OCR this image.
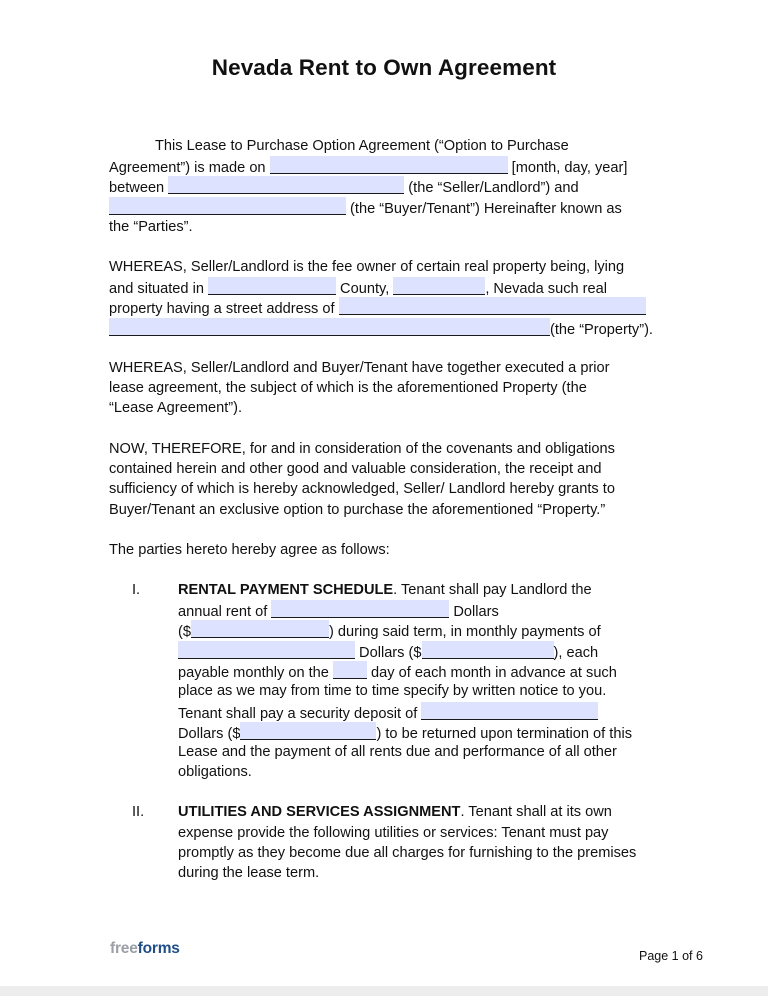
Nevada Rent to Own Agreement
This Lease to Purchase Option Agreement (“Option to Purchase
Agreement”) is made on	[month, day, year]
between	(the “Seller/Landlord”) and
(the “Buyer/Tenant”) Hereinafter known as
the “Parties”.
WHEREAS, Seller/Landlord is the fee owner of certain real property being, lying
and situated in	County,	, Nevada such real
property having a street address of
(the “Property”).
WHEREAS, Seller/Landlord and Buyer/Tenant have together executed a prior
lease agreement, the subject of which is the aforementioned Property (the
“Lease Agreement”).
NOW, THEREFORE, for and in consideration of the covenants and obligations
contained herein and other good and valuable consideration, the receipt and
sufficiency of which is hereby acknowledged, Seller/ Landlord hereby grants to
Buyer/Tenant an exclusive option to purchase the aforementioned “Property.”
The parties hereto hereby agree as follows:
I.	RENTAL PAYMENT SCHEDULE. Tenant shall pay Landlord the
annual rent of	Dollars
($	) during said term, in monthly payments of
Dollars ($	), each
payable monthly on the  day of each month in advance at such
place as we may from time to time specify by written notice to you.
Tenant shall pay a security deposit of
Dollars ($	) to be returned upon termination of this
Lease and the payment of all rents due and performance of all other
obligations.
II.	UTILITIES AND SERVICES ASSIGNMENT. Tenant shall at its own
expense provide the following utilities or services: Tenant must pay
promptly as they become due all charges for furnishing to the premises
during the lease term.
freeforms	Page 1 of 6
